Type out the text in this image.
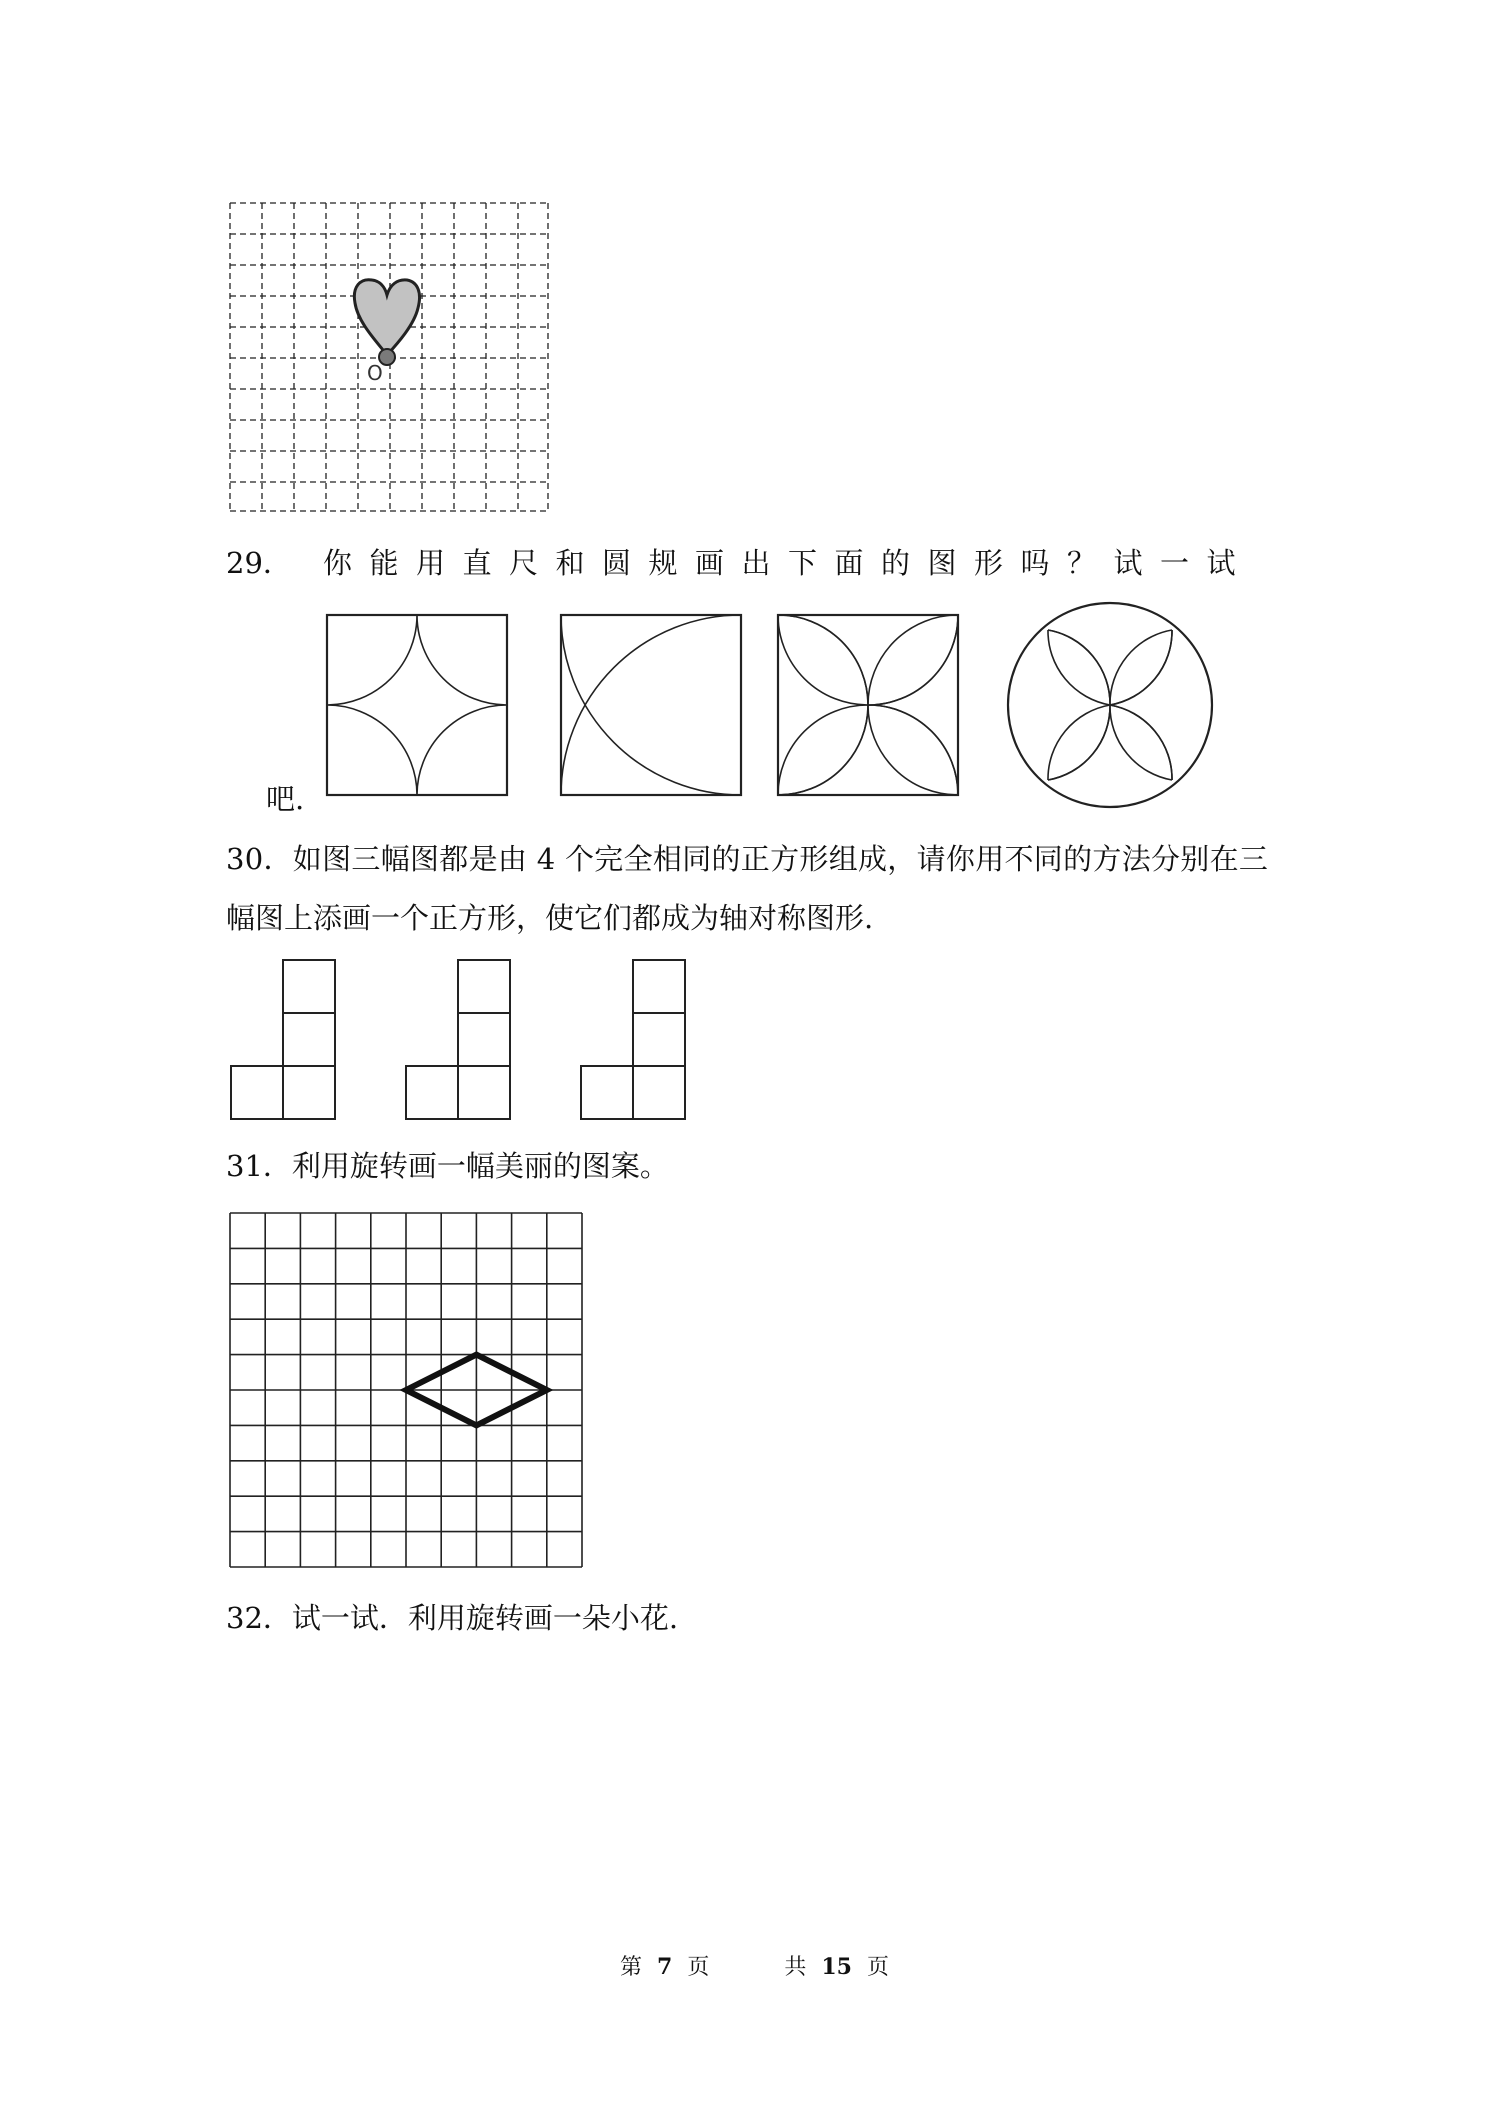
O
29． 你能用直尺和圆规画出下面的图形吗？试一试
吧.
30．如图三幅图都是由 4 个完全相同的正方形组成，请你用不同的方法分别在三
幅图上添画一个正方形，使它们都成为轴对称图形.
31．利用旋转画一幅美丽的图案。
32．试一试．利用旋转画一朵小花.
第 7 页	共 15 页
